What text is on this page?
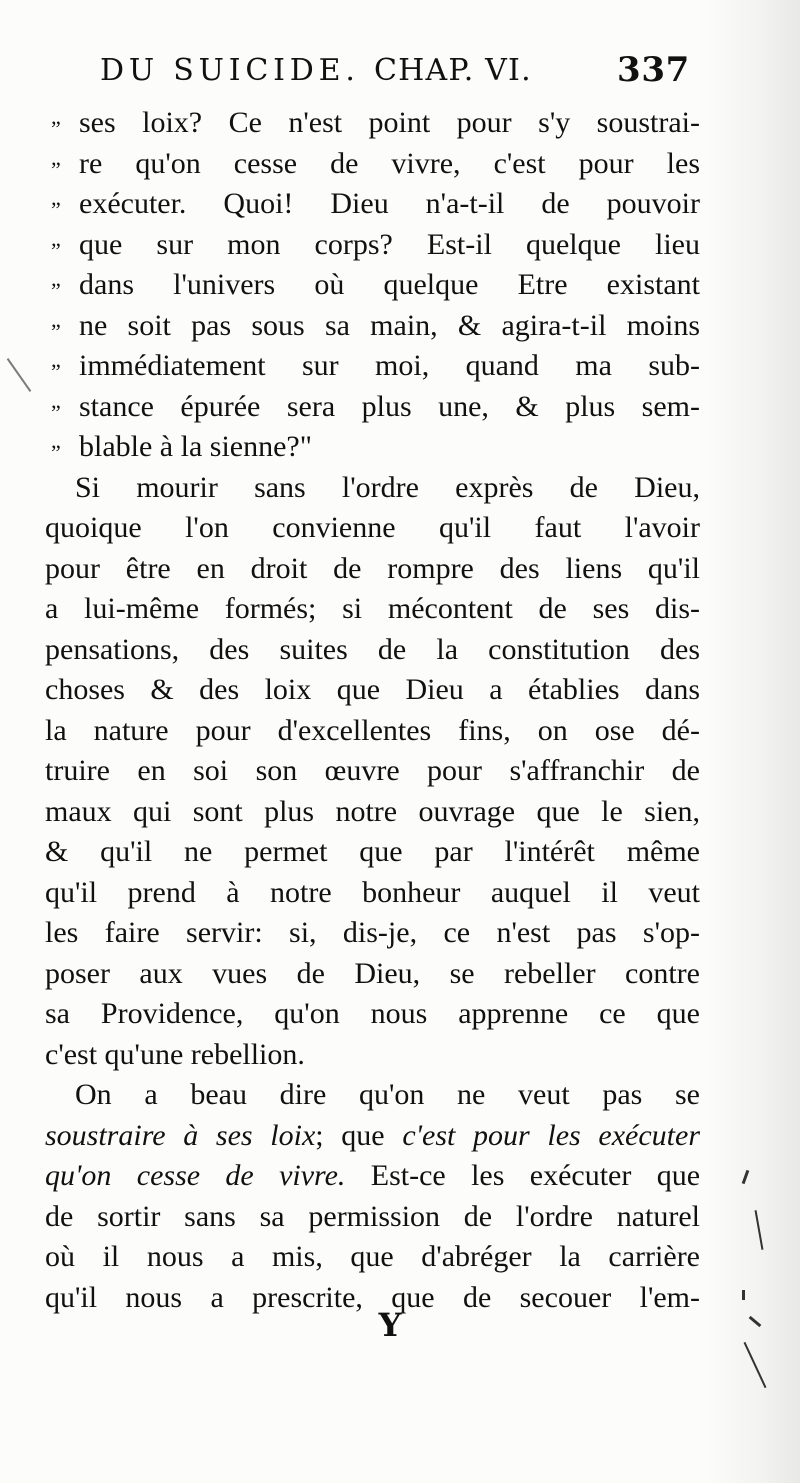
DU SUICIDE. CHAP. VI.	337
„ ses loix? Ce n'est point pour s'y soustrai-
„ re qu'on cesse de vivre, c'est pour les
„ exécuter. Quoi! Dieu n'a-t-il de pouvoir
„ que sur mon corps? Est-il quelque lieu
„ dans l'univers où quelque Etre existant
„ ne soit pas sous sa main, & agira-t-il moins
„ immédiatement sur moi, quand ma sub-
„ stance épurée sera plus une, & plus sem-
„ blable à la sienne?"
Si mourir sans l'ordre exprès de Dieu,
quoique l'on convienne qu'il faut l'avoir
pour être en droit de rompre des liens qu'il
a lui-même formés; si mécontent de ses dis-
pensations, des suites de la constitution des
choses & des loix que Dieu a établies dans
la nature pour d'excellentes fins, on ose dé-
truire en soi son œuvre pour s'affranchir de
maux qui sont plus notre ouvrage que le sien,
& qu'il ne permet que par l'intérêt même
qu'il prend à notre bonheur auquel il veut
les faire servir: si, dis-je, ce n'est pas s'op-
poser aux vues de Dieu, se rebeller contre
sa Providence, qu'on nous apprenne ce que
c'est qu'une rebellion.
On a beau dire qu'on ne veut pas se
soustraire à ses loix; que c'est pour les exécuter
qu'on cesse de vivre. Est-ce les exécuter que
de sortir sans sa permission de l'ordre naturel
où il nous a mis, que d'abréger la carrière
qu'il nous a prescrite, que de secouer l'em-
Y
